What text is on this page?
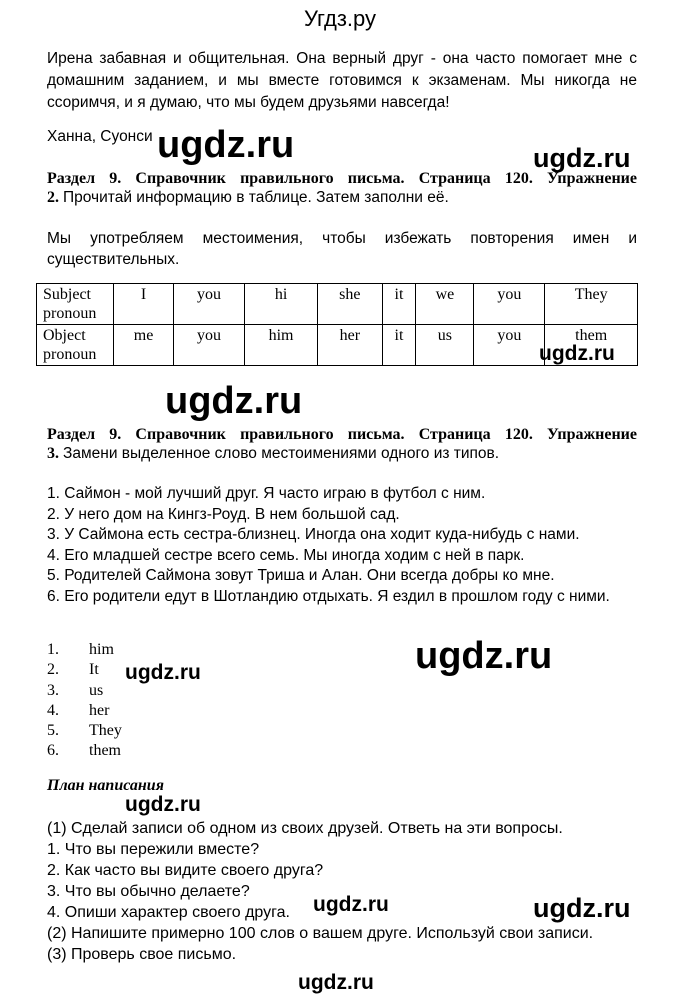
Угдз.ру
Ирена забавная и общительная. Она верный друг - она часто помогает мне с домашним заданием, и мы вместе готовимся к экзаменам. Мы никогда не ссоримчя, и я думаю, что мы будем друзьями навсегда!
Ханна, Суонси
Раздел 9. Справочник правильного письма. Страница 120. Упражнение
2. Прочитай информацию в таблице. Затем заполни её.
Мы употребляем местоимения, чтобы избежать повторения имен и существительных.
Subject pronoun	I	you	hi	she	it	we	you	They
Object pronoun	me	you	him	her	it	us	you	them
Раздел 9. Справочник правильного письма. Страница 120. Упражнение
3. Замени выделенное слово местоимениями одного из типов.
1. Саймон - мой лучший друг. Я часто играю в футбол с ним.
2. У него дом на Кингз-Роуд. В нем большой сад.
3. У Саймона есть сестра-близнец. Иногда она ходит куда-нибудь с нами.
4. Его младшей сестре всего семь. Мы иногда ходим с ней в парк.
5. Родителей Саймона зовут Триша и Алан. Они всегда добры ко мне.
6. Его родители едут в Шотландию отдыхать. Я ездил в прошлом году с ними.
1. him
2. It
3. us
4. her
5. They
6. them
План написания
(1) Сделай записи об одном из своих друзей. Ответь на эти вопросы.
1. Что вы пережили вместе?
2. Как часто вы видите своего друга?
3. Что вы обычно делаете?
4. Опиши характер своего друга.
(2) Напишите примерно 100 слов о вашем друге. Используй свои записи.
(3) Проверь свое письмо.
ugdz.ru	ugdz.ru
ugdz.ru
ugdz.ru
ugdz.ru	ugdz.ru
ugdz.ru
ugdz.ru	ugdz.ru
ugdz.ru
